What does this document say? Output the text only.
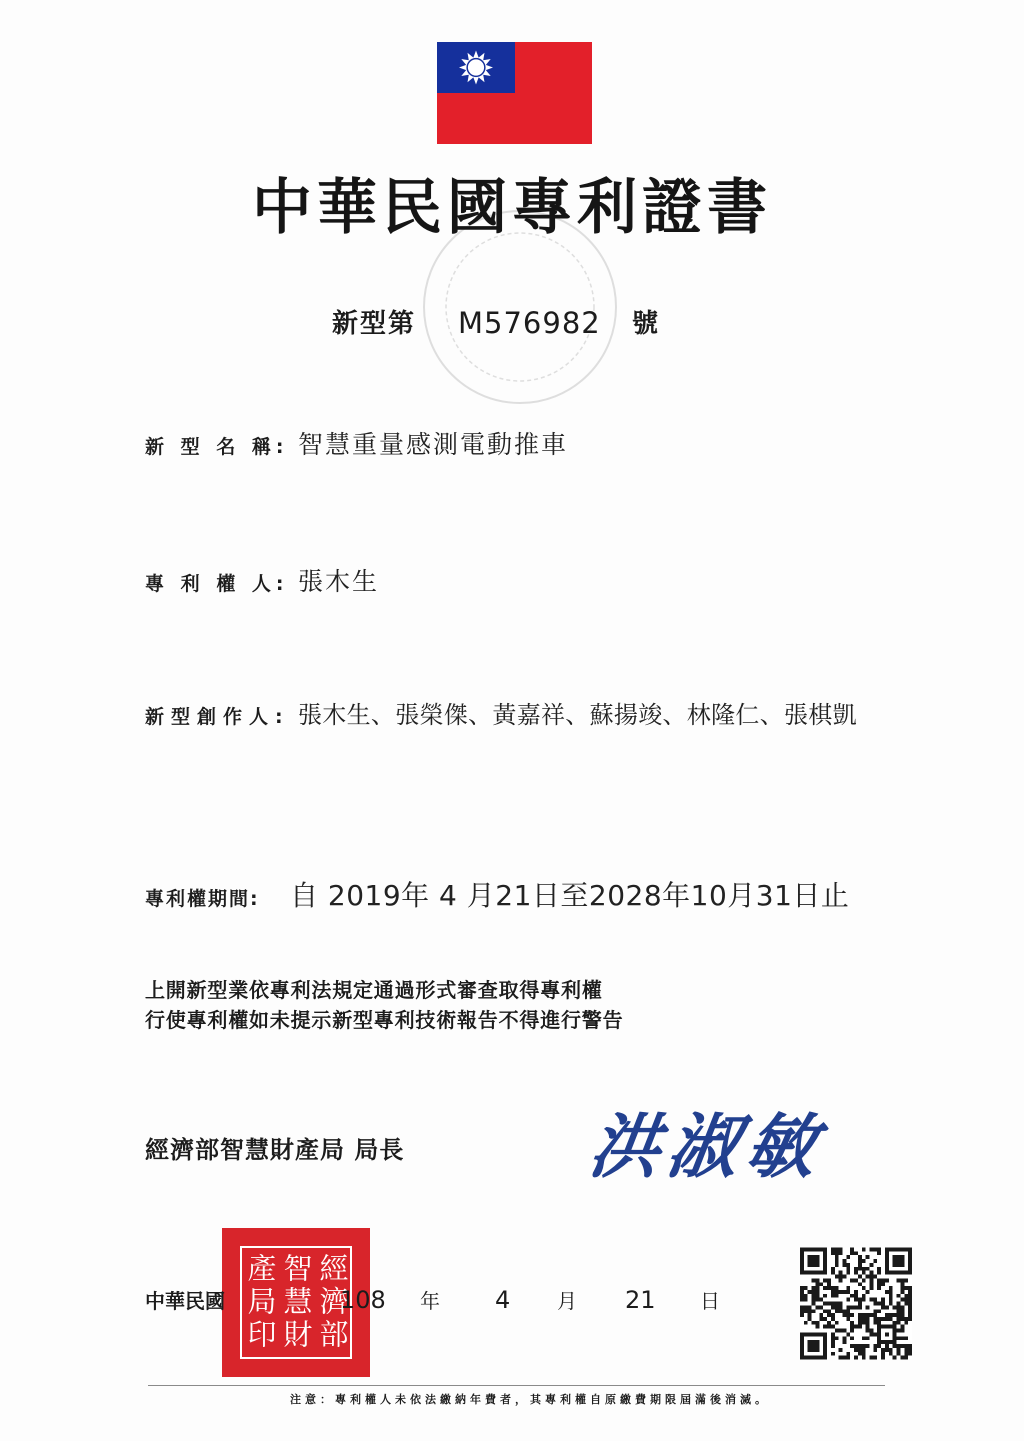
中華民國專利證書
新型第 M576982 號
新 型 名 稱: 智慧重量感測電動推車
專 利 權 人: 張木生
新型創作人: 張木生、張榮傑、黃嘉祥、蘇揚竣、林隆仁、張棋凱
專利權期間:	自 2019年 4 月21日至2028年10月31日止
上開新型業依專利法規定通過形式審查取得專利權
行使專利權如未提示新型專利技術報告不得進行警告
經濟部智慧財產局 局長	洪淑敏
經濟部
智慧財
產局印
中華民國	108 年 4 月 21 日
注意：專利權人未依法繳納年費者，其專利權自原繳費期限屆滿後消滅。
